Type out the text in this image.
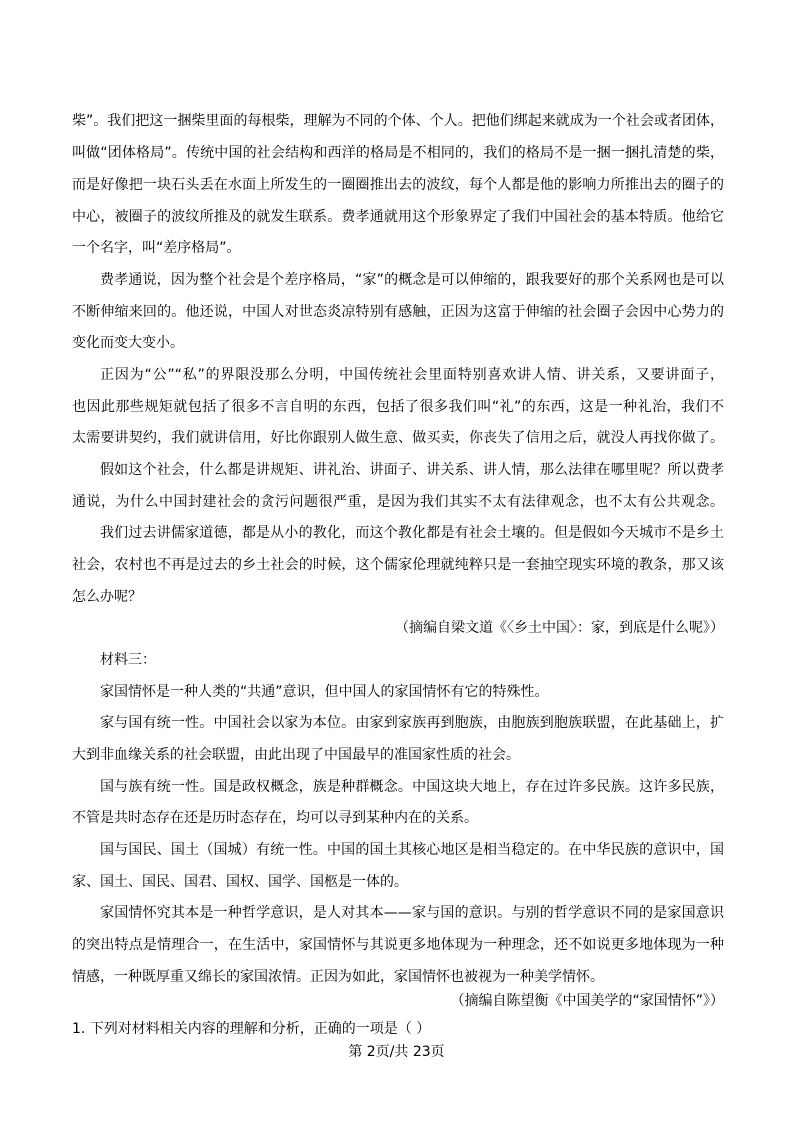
柴”。我们把这一捆柴里面的每根柴，理解为不同的个体、个人。把他们绑起来就成为一个社会或者团体，
叫做“团体格局”。传统中国的社会结构和西洋的格局是不相同的，我们的格局不是一捆一捆扎清楚的柴，
而是好像把一块石头丢在水面上所发生的一圈圈推出去的波纹，每个人都是他的影响力所推出去的圈子的
中心，被圈子的波纹所推及的就发生联系。费孝通就用这个形象界定了我们中国社会的基本特质。他给它
一个名字，叫“差序格局”。
费孝通说，因为整个社会是个差序格局，“家”的概念是可以伸缩的，跟我要好的那个关系网也是可以
不断伸缩来回的。他还说，中国人对世态炎凉特别有感触，正因为这富于伸缩的社会圈子会因中心势力的
变化而变大变小。
正因为“公”“私”的界限没那么分明，中国传统社会里面特别喜欢讲人情、讲关系，又要讲面子，
也因此那些规矩就包括了很多不言自明的东西，包括了很多我们叫“礼”的东西，这是一种礼治，我们不
太需要讲契约，我们就讲信用，好比你跟别人做生意、做买卖，你丧失了信用之后，就没人再找你做了。
假如这个社会，什么都是讲规矩、讲礼治、讲面子、讲关系、讲人情，那么法律在哪里呢？所以费孝
通说，为什么中国封建社会的贪污问题很严重，是因为我们其实不太有法律观念，也不太有公共观念。
我们过去讲儒家道德，都是从小的教化，而这个教化都是有社会土壤的。但是假如今天城市不是乡土
社会，农村也不再是过去的乡土社会的时候，这个儒家伦理就纯粹只是一套抽空现实环境的教条，那又该
怎么办呢？
（摘编自梁文道《〈乡土中国〉：家，到底是什么呢》）
材料三：
家国情怀是一种人类的“共通”意识，但中国人的家国情怀有它的特殊性。
家与国有统一性。中国社会以家为本位。由家到家族再到胞族，由胞族到胞族联盟，在此基础上，扩
大到非血缘关系的社会联盟，由此出现了中国最早的准国家性质的社会。
国与族有统一性。国是政权概念，族是种群概念。中国这块大地上，存在过许多民族。这许多民族，
不管是共时态存在还是历时态存在，均可以寻到某种内在的关系。
国与国民、国土（国城）有统一性。中国的国土其核心地区是相当稳定的。在中华民族的意识中，国
家、国土、国民、国君、国权、国学、国柩是一体的。
家国情怀究其本是一种哲学意识，是人对其本——家与国的意识。与别的哲学意识不同的是家国意识
的突出特点是情理合一，在生活中，家国情怀与其说更多地体现为一种理念，还不如说更多地体现为一种
情感，一种既厚重又绵长的家国浓情。正因为如此，家国情怀也被视为一种美学情怀。
（摘编自陈望衡《中国美学的“家国情怀”》）
1. 下列对材料相关内容的理解和分析，正确的一项是（ ）
第 2页/共 23页
